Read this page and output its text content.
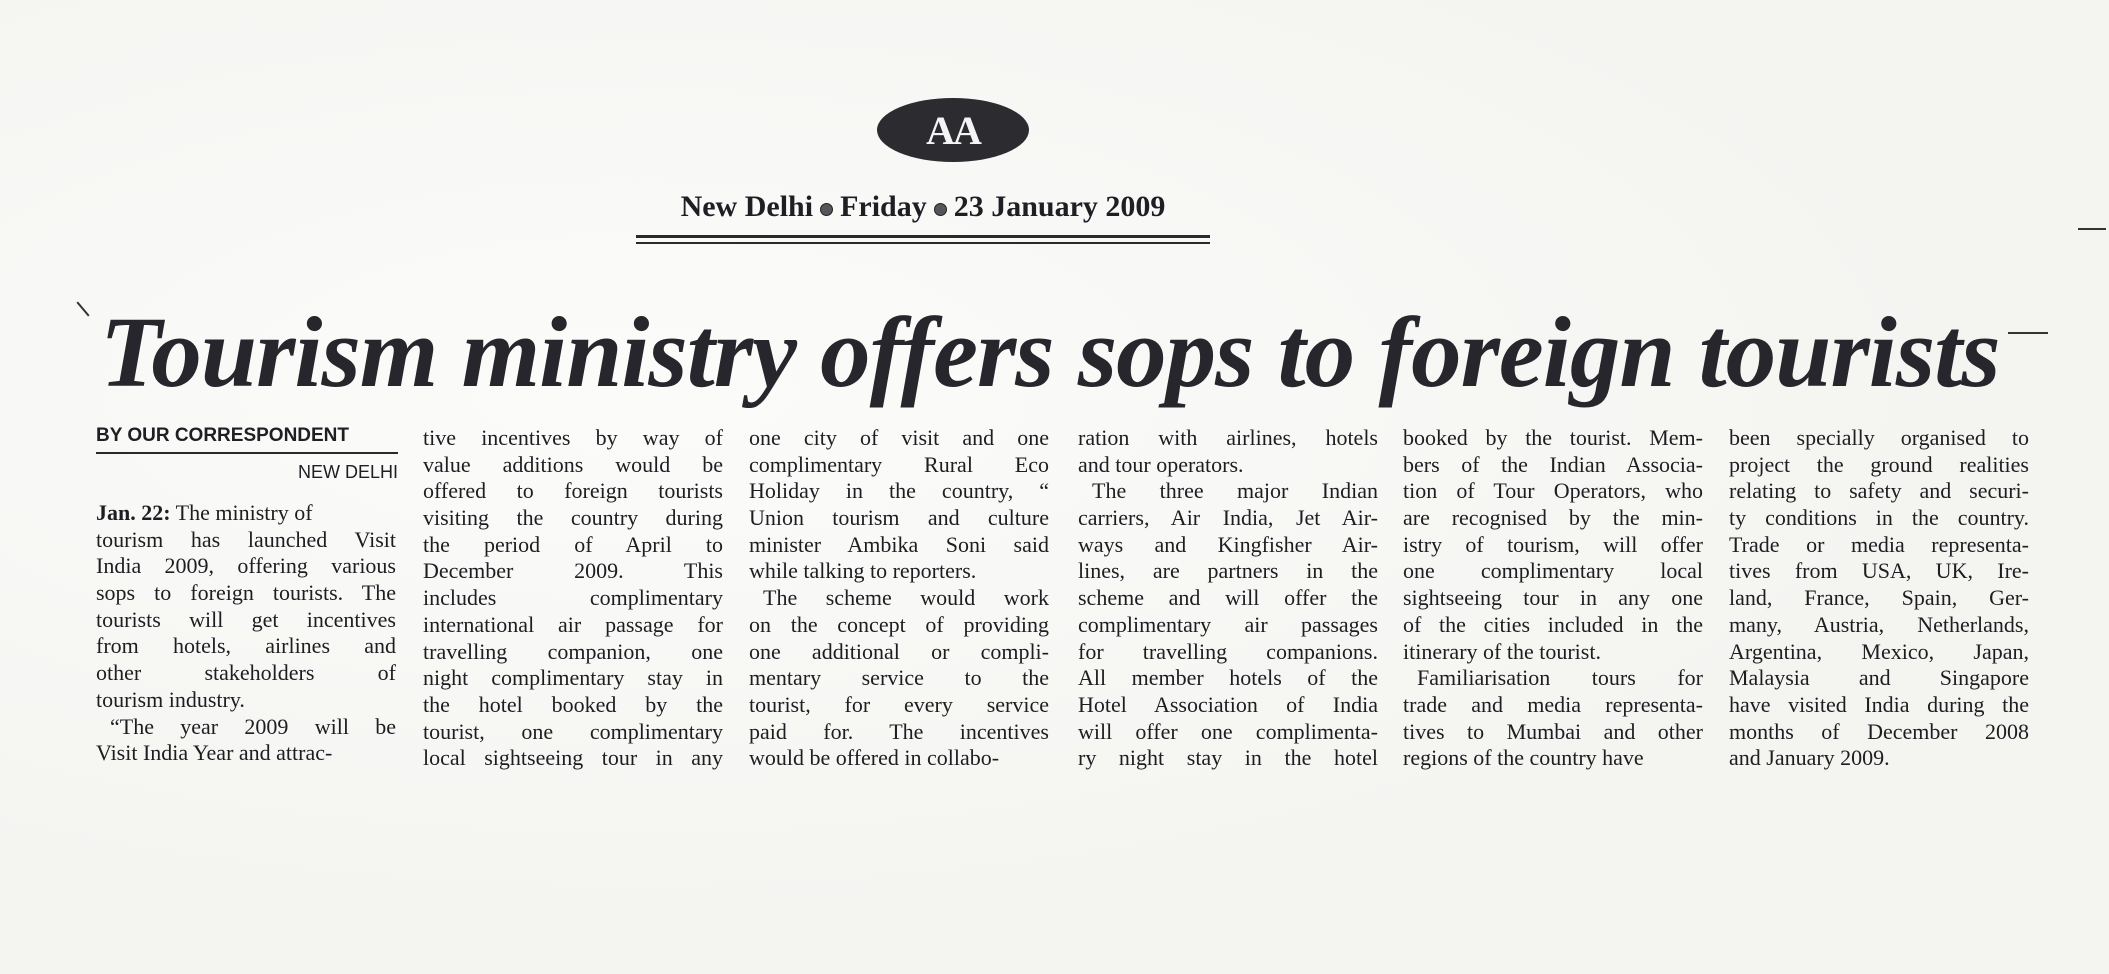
AA
New Delhi Friday 23 January 2009
Tourism ministry offers sops to foreign tourists
BY OUR CORRESPONDENT
NEW DELHI
Jan. 22: The ministry of
tourism has launched Visit
India 2009, offering various
sops to foreign tourists. The
tourists will get incentives
from hotels, airlines and
other stakeholders of
tourism industry.
“The year 2009 will be
Visit India Year and attrac-
tive incentives by way of
value additions would be
offered to foreign tourists
visiting the country during
the period of April to
December 2009. This
includes complimentary
international air passage for
travelling companion, one
night complimentary stay in
the hotel booked by the
tourist, one complimentary
local sightseeing tour in any
one city of visit and one
complimentary Rural Eco
Holiday in the country, “
Union tourism and culture
minister Ambika Soni said
while talking to reporters.
The scheme would work
on the concept of providing
one additional or compli-
mentary service to the
tourist, for every service
paid for. The incentives
would be offered in collabo-
ration with airlines, hotels
and tour operators.
The three major Indian
carriers, Air India, Jet Air-
ways and Kingfisher Air-
lines, are partners in the
scheme and will offer the
complimentary air passages
for travelling companions.
All member hotels of the
Hotel Association of India
will offer one complimenta-
ry night stay in the hotel
booked by the tourist. Mem-
bers of the Indian Associa-
tion of Tour Operators, who
are recognised by the min-
istry of tourism, will offer
one complimentary local
sightseeing tour in any one
of the cities included in the
itinerary of the tourist.
Familiarisation tours for
trade and media representa-
tives to Mumbai and other
regions of the country have
been specially organised to
project the ground realities
relating to safety and securi-
ty conditions in the country.
Trade or media representa-
tives from USA, UK, Ire-
land, France, Spain, Ger-
many, Austria, Netherlands,
Argentina, Mexico, Japan,
Malaysia and Singapore
have visited India during the
months of December 2008
and January 2009.
